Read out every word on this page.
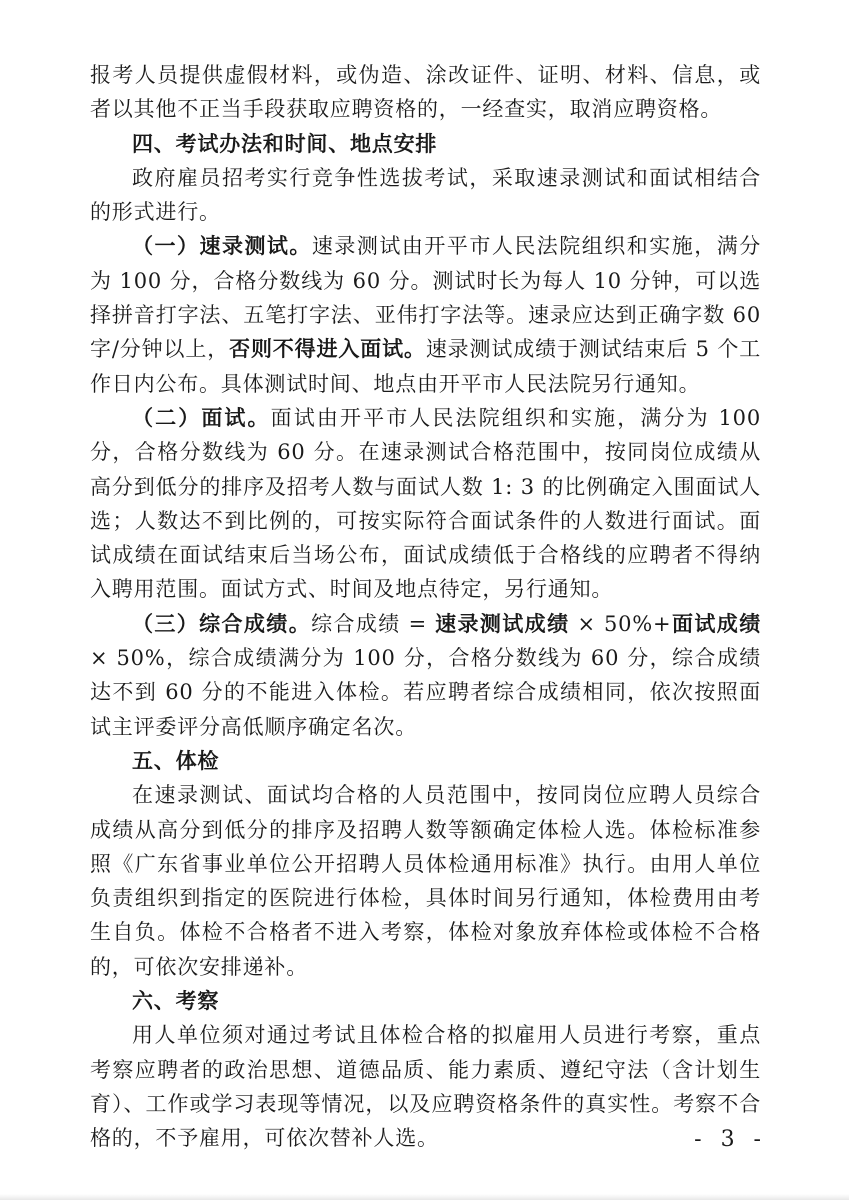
报考人员提供虚假材料，或伪造、涂改证件、证明、材料、信息，或者以其他不正当手段获取应聘资格的，一经查实，取消应聘资格。

四、考试办法和时间、地点安排

政府雇员招考实行竞争性选拔考试，采取速录测试和面试相结合的形式进行。

（一）速录测试。速录测试由开平市人民法院组织和实施，满分为 100 分，合格分数线为 60 分。测试时长为每人 10 分钟，可以选择拼音打字法、五笔打字法、亚伟打字法等。速录应达到正确字数 60 字/分钟以上，否则不得进入面试。速录测试成绩于测试结束后 5 个工作日内公布。具体测试时间、地点由开平市人民法院另行通知。

（二）面试。面试由开平市人民法院组织和实施，满分为 100 分，合格分数线为 60 分。在速录测试合格范围中，按同岗位成绩从高分到低分的排序及招考人数与面试人数 1: 3 的比例确定入围面试人选；人数达不到比例的，可按实际符合面试条件的人数进行面试。面试成绩在面试结束后当场公布，面试成绩低于合格线的应聘者不得纳入聘用范围。面试方式、时间及地点待定，另行通知。

（三）综合成绩。综合成绩 = 速录测试成绩 × 50%+面试成绩 × 50%，综合成绩满分为 100 分，合格分数线为 60 分，综合成绩达不到 60 分的不能进入体检。若应聘者综合成绩相同，依次按照面试主评委评分高低顺序确定名次。

五、体检

在速录测试、面试均合格的人员范围中，按同岗位应聘人员综合成绩从高分到低分的排序及招聘人数等额确定体检人选。体检标准参照《广东省事业单位公开招聘人员体检通用标准》执行。由用人单位负责组织到指定的医院进行体检，具体时间另行通知，体检费用由考生自负。体检不合格者不进入考察，体检对象放弃体检或体检不合格的，可依次安排递补。

六、考察

用人单位须对通过考试且体检合格的拟雇用人员进行考察，重点考察应聘者的政治思想、道德品质、能力素质、遵纪守法（含计划生育）、工作或学习表现等情况，以及应聘资格条件的真实性。考察不合格的，不予雇用，可依次替补人选。	- 3 -
